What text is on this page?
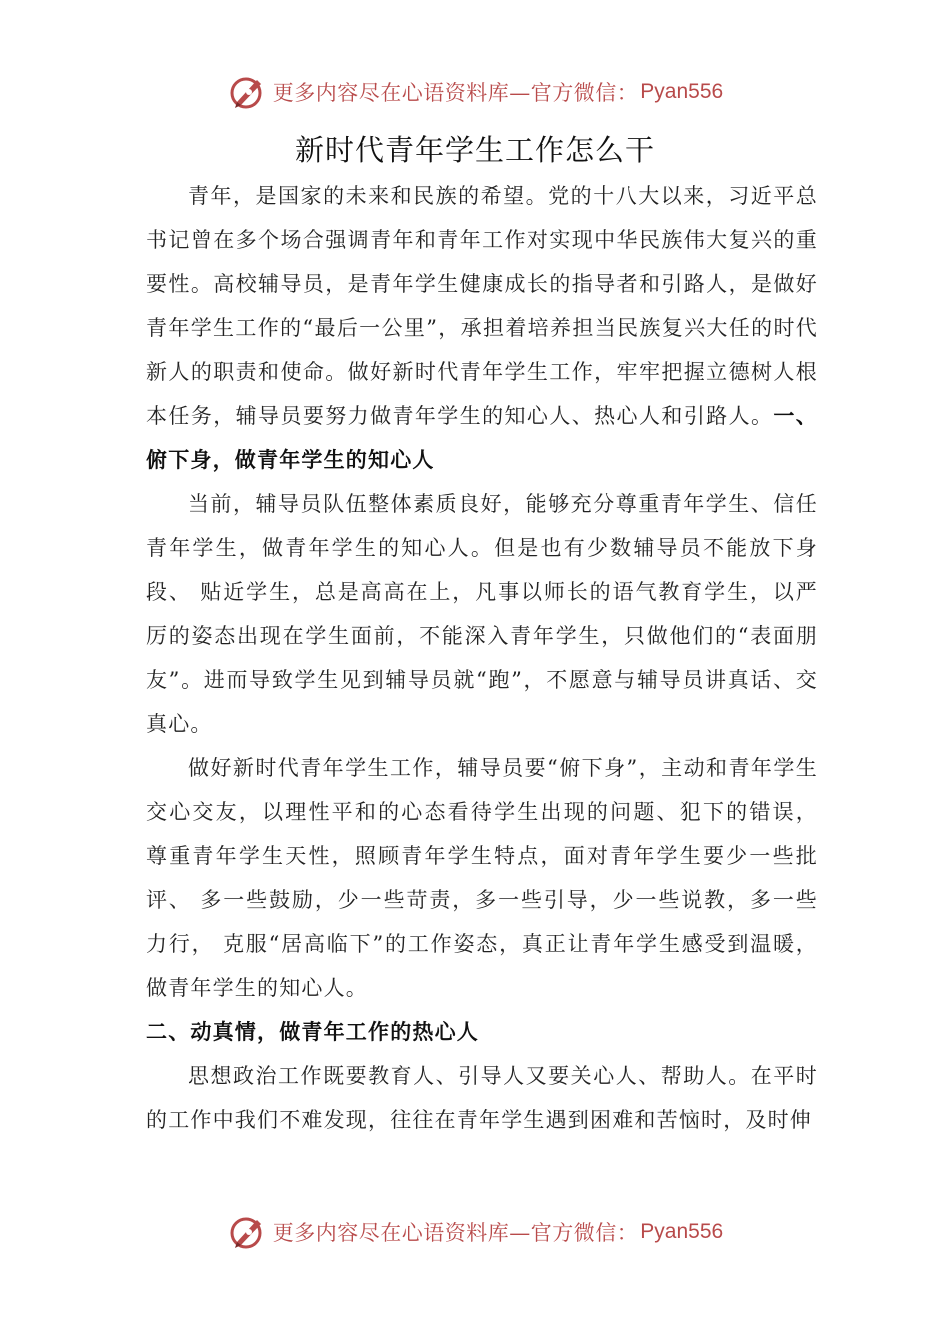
更多内容尽在心语资料库—官方微信： Pyan556
新时代青年学生工作怎么干

青年，是国家的未来和民族的希望。党的十八大以来，习近平总书记曾在多个场合强调青年和青年工作对实现中华民族伟大复兴的重要性。高校辅导员，是青年学生健康成长的指导者和引路人，是做好青年学生工作的“最后一公里”，承担着培养担当民族复兴大任的时代新人的职责和使命。做好新时代青年学生工作，牢牢把握立德树人根本任务，辅导员要努力做青年学生的知心人、热心人和引路人。一、俯下身，做青年学生的知心人

当前，辅导员队伍整体素质良好，能够充分尊重青年学生、信任青年学生，做青年学生的知心人。但是也有少数辅导员不能放下身段、 贴近学生，总是高高在上，凡事以师长的语气教育学生，以严厉的姿态出现在学生面前，不能深入青年学生，只做他们的“表面朋友”。进而导致学生见到辅导员就“跑”，不愿意与辅导员讲真话、交真心。

做好新时代青年学生工作，辅导员要“俯下身”，主动和青年学生交心交友，以理性平和的心态看待学生出现的问题、犯下的错误， 尊重青年学生天性，照顾青年学生特点，面对青年学生要少一些批评、 多一些鼓励，少一些苛责，多一些引导，少一些说教，多一些力行， 克服“居高临下”的工作姿态，真正让青年学生感受到温暖，做青年学生的知心人。

二、动真情，做青年工作的热心人

思想政治工作既要教育人、引导人又要关心人、帮助人。在平时的工作中我们不难发现，往往在青年学生遇到困难和苦恼时，及时伸

更多内容尽在心语资料库—官方微信： Pyan556
